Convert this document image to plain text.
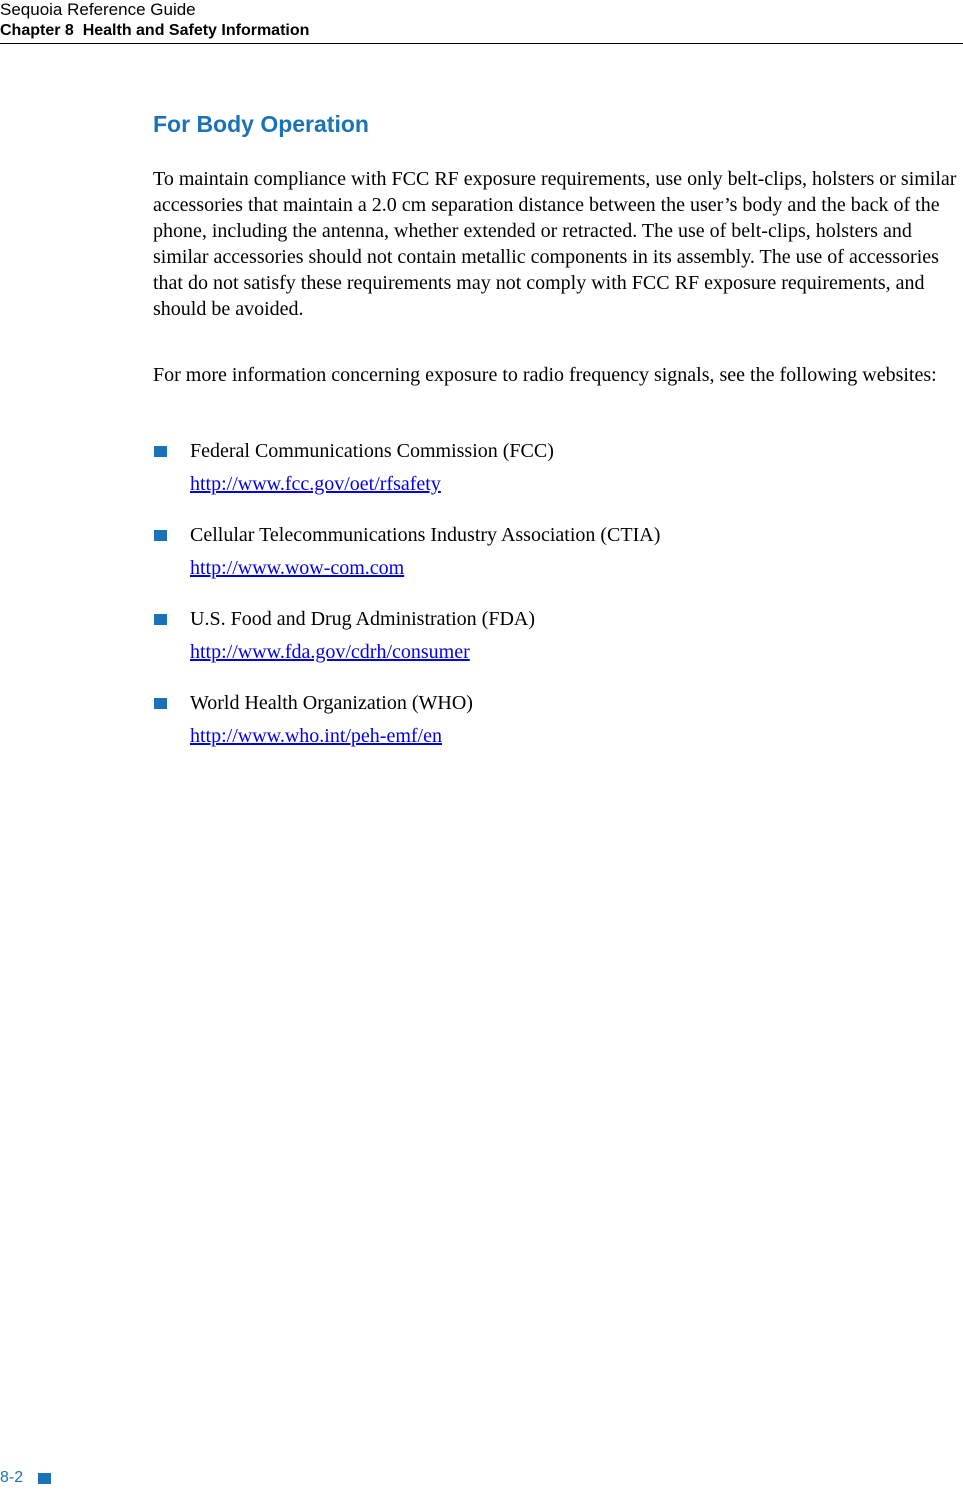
Sequoia Reference Guide
Chapter 8  Health and Safety Information
For Body Operation

To maintain compliance with FCC RF exposure requirements, use only belt-clips, holsters or similar accessories that maintain a 2.0 cm separation distance between the user’s body and the back of the phone, including the antenna, whether extended or retracted. The use of belt-clips, holsters and similar accessories should not contain metallic components in its assembly. The use of accessories that do not satisfy these requirements may not comply with FCC RF exposure requirements, and should be avoided.

For more information concerning exposure to radio frequency signals, see the following websites:

Federal Communications Commission (FCC)
http://www.fcc.gov/oet/rfsafety
Cellular Telecommunications Industry Association (CTIA)
http://www.wow-com.com
U.S. Food and Drug Administration (FDA)
http://www.fda.gov/cdrh/consumer
World Health Organization (WHO)
http://www.who.int/peh-emf/en
8-2
